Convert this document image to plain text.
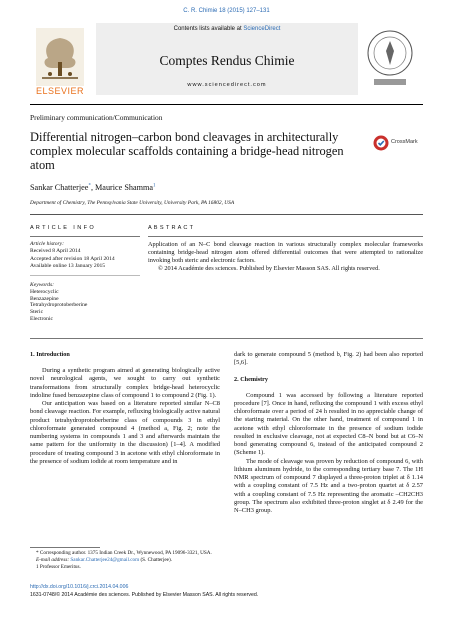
C. R. Chimie 18 (2015) 127–131
ELSEVIER
Contents lists available at ScienceDirect
Comptes Rendus Chimie
www.sciencedirect.com
Preliminary communication/Communication
Differential nitrogen–carbon bond cleavages in architecturally complex molecular scaffolds containing a bridge-head nitrogen atom
CrossMark
Sankar Chatterjee*, Maurice Shamma$^1$
Department of Chemistry, The Pennsylvania State University, University Park, PA 16802, USA
A R T I C L E   I N F O	A B S T R A C T
Article history:
Received 8 April 2014
Accepted after revision 18 April 2014
Available online 13 January 2015
Keywords:
Heterocyclic
Benzazepine
Tetrahydroprotoberberine
Steric
Electronic
Application of an N–C bond cleavage reaction in various structurally complex molecular frameworks containing bridge-head nitrogen atom offered differential outcomes that were attempted to rationalize invoking both steric and electronic factors.
© 2014 Académie des sciences. Published by Elsevier Masson SAS. All rights reserved.

1. Introduction

During a synthetic program aimed at generating biologically active novel neurological agents, we sought to carry out synthetic transformations from structurally complex bridge-head heterocyclic indoline fused benzazepine class of compound 1 to compound 2 (Fig. 1).

Our anticipation was based on a literature reported similar N–C8 bond cleavage reaction. For example, refluxing biologically active natural product tetrahydroprotoberberine class of compounds 3 in ethyl chloroformate generated compound 4 (method a, Fig. 2; note the numbering systems in compounds 1 and 3 and afterwards maintain the same pattern for the uniformity in the discussion) [1–4]. A modified procedure of treating compound 3 in acetone with ethyl chloroformate in the presence of sodium iodide at room temperature and in

dark to generate compound 5 (method b, Fig. 2) had been also reported [5,6].

2. Chemistry

Compound 1 was accessed by following a literature reported procedure [7]. Once in hand, refluxing the compound 1 with excess ethyl chloroformate over a period of 24 h resulted in no appreciable change of the starting material. On the other hand, treatment of compound 1 in acetone with ethyl chloroformate in the presence of sodium iodide resulted in exclusive cleavage, not at expected C8–N bond but at C6–N bond generating compound 6, instead of the anticipated compound 2 (Scheme 1).

The mode of cleavage was proven by reduction of compound 6, with lithium aluminum hydride, to the corresponding tertiary base 7. The 1H NMR spectrum of compound 7 displayed a three-proton triplet at δ 1.14 with a coupling constant of 7.5 Hz and a two-proton quartet at δ 2.57 with a coupling constant of 7.5 Hz representing the aromatic –CH2CH3 group. The spectrum also exhibited three-proton singlet at δ 2.49 for the N–CH3 group.

* Corresponding author. 1375 Indian Creek Dr., Wynnewood, PA 19096-3321, USA.
E-mail address: Sankar.Chatterjee24@gmail.com (S. Chatterjee).
1 Professor Emeritus.
http://dx.doi.org/10.1016/j.crci.2014.04.006
1631-0748/© 2014 Académie des sciences. Published by Elsevier Masson SAS. All rights reserved.
